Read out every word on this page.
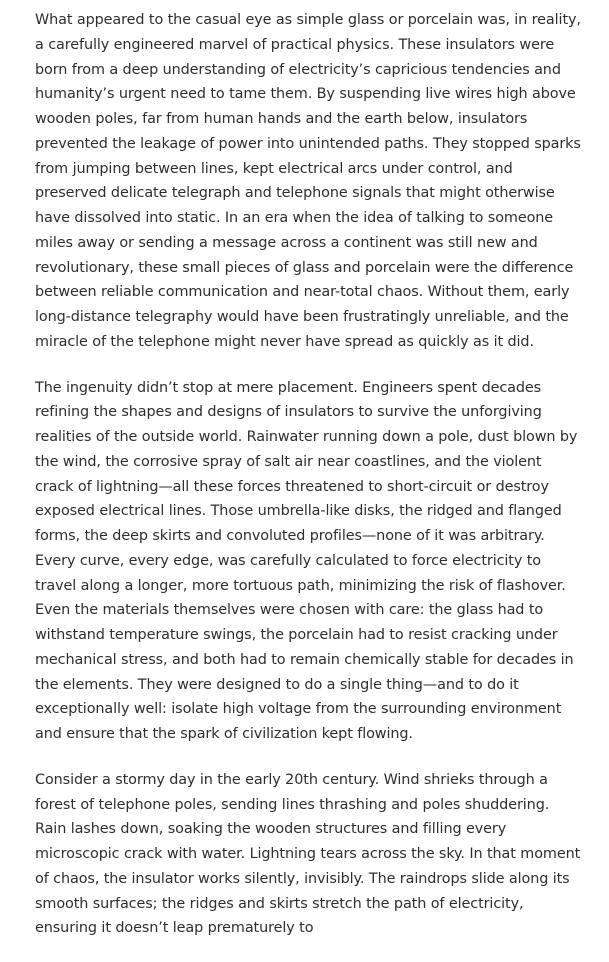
What appeared to the casual eye as simple glass or porcelain was, in reality, a carefully engineered marvel of practical physics. These insulators were born from a deep understanding of electricity’s capricious tendencies and humanity’s urgent need to tame them. By suspending live wires high above wooden poles, far from human hands and the earth below, insulators prevented the leakage of power into unintended paths. They stopped sparks from jumping between lines, kept electrical arcs under control, and preserved delicate telegraph and telephone signals that might otherwise have dissolved into static. In an era when the idea of talking to someone miles away or sending a message across a continent was still new and revolutionary, these small pieces of glass and porcelain were the difference between reliable communication and near-total chaos. Without them, early long-distance telegraphy would have been frustratingly unreliable, and the miracle of the telephone might never have spread as quickly as it did.

The ingenuity didn’t stop at mere placement. Engineers spent decades refining the shapes and designs of insulators to survive the unforgiving realities of the outside world. Rainwater running down a pole, dust blown by the wind, the corrosive spray of salt air near coastlines, and the violent crack of lightning—all these forces threatened to short-circuit or destroy exposed electrical lines. Those umbrella-like disks, the ridged and flanged forms, the deep skirts and convoluted profiles—none of it was arbitrary. Every curve, every edge, was carefully calculated to force electricity to travel along a longer, more tortuous path, minimizing the risk of flashover. Even the materials themselves were chosen with care: the glass had to withstand temperature swings, the porcelain had to resist cracking under mechanical stress, and both had to remain chemically stable for decades in the elements. They were designed to do a single thing—and to do it exceptionally well: isolate high voltage from the surrounding environment and ensure that the spark of civilization kept flowing.

Consider a stormy day in the early 20th century. Wind shrieks through a forest of telephone poles, sending lines thrashing and poles shuddering. Rain lashes down, soaking the wooden structures and filling every microscopic crack with water. Lightning tears across the sky. In that moment of chaos, the insulator works silently, invisibly. The raindrops slide along its smooth surfaces; the ridges and skirts stretch the path of electricity, ensuring it doesn’t leap prematurely to
